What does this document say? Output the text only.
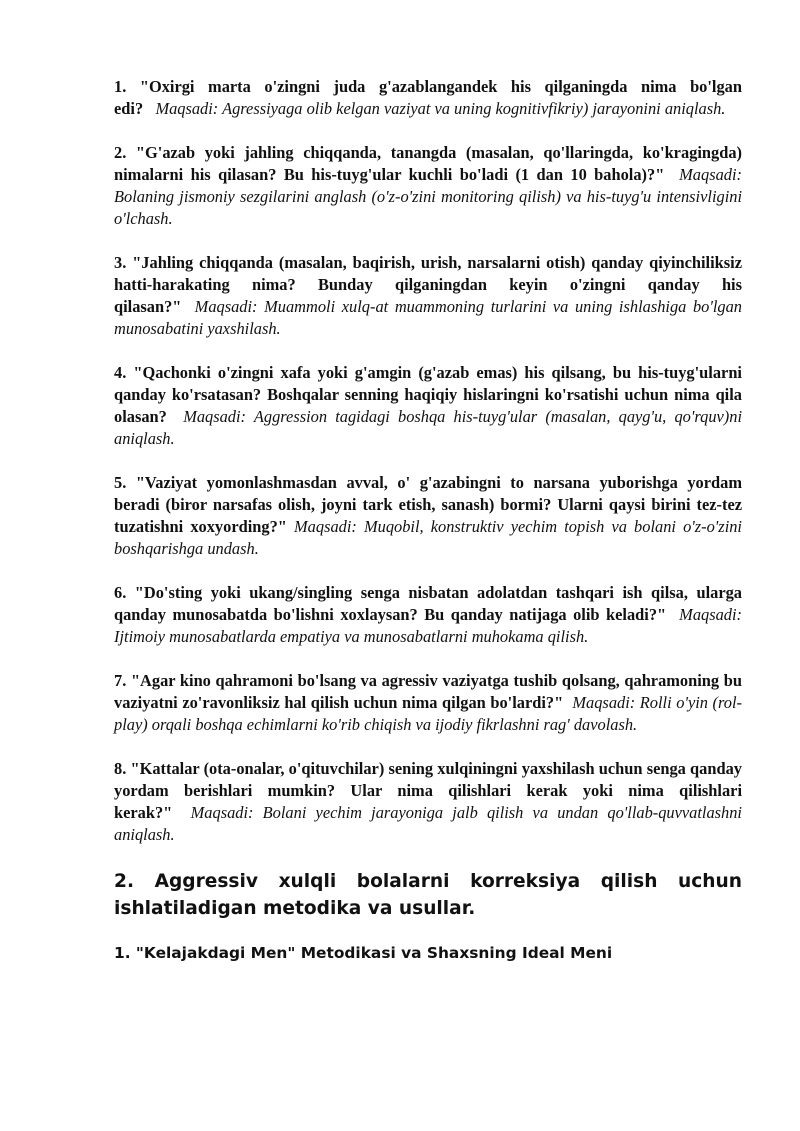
1. "Oxirgi marta o'zingni juda g'azablangandek his qilganingda nima bo'lgan edi? Maqsadi: Agressiyaga olib kelgan vaziyat va uning kognitivfikriy) jarayonini aniqlash.

2. "G'azab yoki jahling chiqqanda, tanangda (masalan, qo'llaringda, ko'kragingda) nimalarni his qilasan? Bu his-tuyg'ular kuchli bo'ladi (1 dan 10 bahola)?" Maqsadi: Bolaning jismoniy sezgilarini anglash (o'z-o'zini monitoring qilish) va his-tuyg'u intensivligini o'lchash.

3. "Jahling chiqqanda (masalan, baqirish, urish, narsalarni otish) qanday qiyinchiliksiz hatti-harakating nima? Bunday qilganingdan keyin o'zingni qanday his qilasan?" Maqsadi: Muammoli xulq-at muammoning turlarini va uning ishlashiga bo'lgan munosabatini yaxshilash.

4. "Qachonki o'zingni xafa yoki g'amgin (g'azab emas) his qilsang, bu his-tuyg'ularni qanday ko'rsatasan? Boshqalar senning haqiqiy hislaringni ko'rsatishi uchun nima qila olasan? Maqsadi: Aggression tagidagi boshqa his-tuyg'ular (masalan, qayg'u, qo'rquv)ni aniqlash.

5. "Vaziyat yomonlashmasdan avval, o' g'azabingni to narsana yuborishga yordam beradi (biror narsafas olish, joyni tark etish, sanash) bormi? Ularni qaysi birini tez-tez tuzatishni xoxyording?" Maqsadi: Muqobil, konstruktiv yechim topish va bolani o'z-o'zini boshqarishga undash.

6. "Do'sting yoki ukang/singling senga nisbatan adolatdan tashqari ish qilsa, ularga qanday munosabatda bo'lishni xoxlaysan? Bu qanday natijaga olib keladi?" Maqsadi: Ijtimoiy munosabatlarda empatiya va munosabatlarni muhokama qilish.

7. "Agar kino qahramoni bo'lsang va agressiv vaziyatga tushib qolsang, qahramoning bu vaziyatni zo'ravonliksiz hal qilish uchun nima qilgan bo'lardi?" Maqsadi: Rolli o'yin (rol-play) orqali boshqa echimlarni ko'rib chiqish va ijodiy fikrlashni rag' davolash.

8. "Kattalar (ota-onalar, o'qituvchilar) sening xulqiningni yaxshilash uchun senga qanday yordam berishlari mumkin? Ular nima qilishlari kerak yoki nima qilishlari kerak?" Maqsadi: Bolani yechim jarayoniga jalb qilish va undan qo'llab-quvvatlashni aniqlash.

2. Aggressiv xulqli bolalarni korreksiya qilish uchun ishlatiladigan metodika va usullar.
1. "Kelajakdagi Men" Metodikasi va Shaxsning Ideal Meni
